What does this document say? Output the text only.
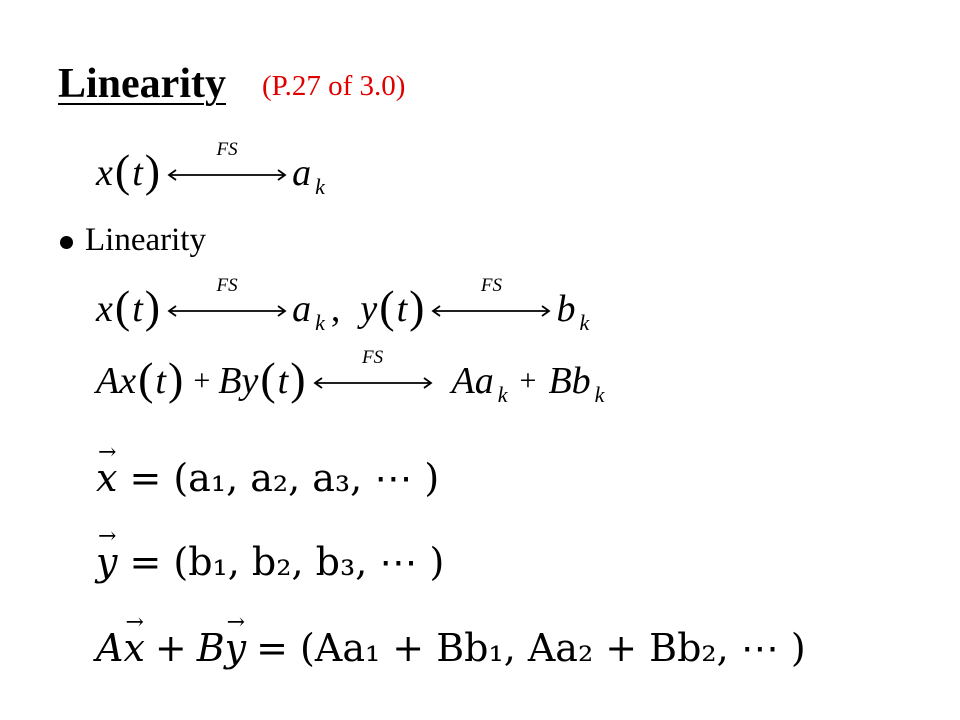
Linearity (P.27 of 3.0)
x ( t )	FS
a k
Linearity
x ( t )	FS
a k , y ( t )	FS
b k
A x ( t ) + B y ( t )	FS
A a k + B b k
→ x = (a₁, a₂, a₃, ⋯ )
→ y = (b₁, b₂, b₃, ⋯ )
A → x + B → y = (Aa₁ + Bb₁, Aa₂ + Bb₂, ⋯ )
